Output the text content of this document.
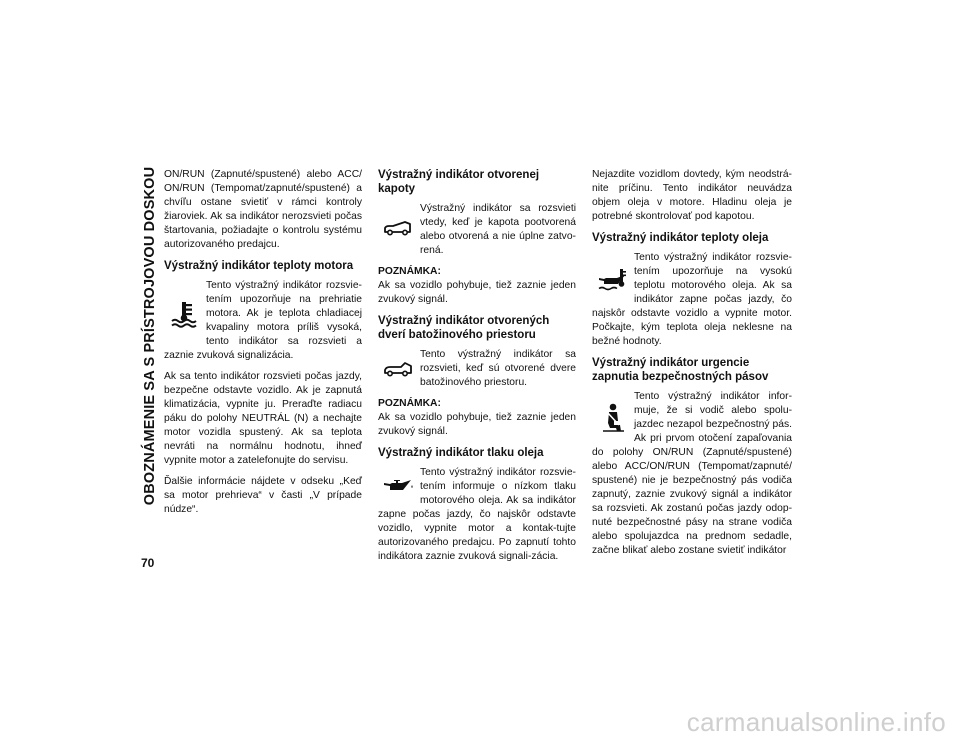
OBOZNÁMENIE SA S PRÍSTROJOVOU DOSKOU
70

ON/RUN (Zapnuté/spustené) alebo ACC/ ON/RUN (Tempomat/zapnuté/spustené) a chvíľu ostane svietiť v rámci kontroly žiaroviek. Ak sa indikátor nerozsvieti počas štartovania, požiadajte o kontrolu systému autorizovaného predajcu.

Výstražný indikátor teploty motora

Tento výstražný indikátor rozsvie-tením upozorňuje na prehriatie motora. Ak je teplota chladiacej kvapaliny motora príliš vysoká, tento indikátor sa rozsvieti a zaznie zvuková signalizácia.

Ak sa tento indikátor rozsvieti počas jazdy, bezpečne odstavte vozidlo. Ak je zapnutá klimatizácia, vypnite ju. Preraďte radiacu páku do polohy NEUTRÁL (N) a nechajte motor vozidla spustený. Ak sa teplota nevráti na normálnu hodnotu, ihneď vypnite motor a zatelefonujte do servisu.

Ďalšie informácie nájdete v odseku „Keď sa motor prehrieva“ v časti „V prípade núdze“.

Výstražný indikátor otvorenej kapoty

Výstražný indikátor sa rozsvieti vtedy, keď je kapota pootvorená alebo otvorená a nie úplne zatvo-rená.

POZNÁMKA:

Ak sa vozidlo pohybuje, tiež zaznie jeden zvukový signál.

Výstražný indikátor otvorených dverí batožinového priestoru

Tento výstražný indikátor sa rozsvieti, keď sú otvorené dvere batožinového priestoru.

POZNÁMKA:

Ak sa vozidlo pohybuje, tiež zaznie jeden zvukový signál.

Výstražný indikátor tlaku oleja

Tento výstražný indikátor rozsvie-tením informuje o nízkom tlaku motorového oleja. Ak sa indikátor zapne počas jazdy, čo najskôr odstavte vozidlo, vypnite motor a kontak-tujte autorizovaného predajcu. Po zapnutí tohto indikátora zaznie zvuková signali-zácia.

Nejazdite vozidlom dovtedy, kým neodstrá-nite príčinu. Tento indikátor neuvádza objem oleja v motore. Hladinu oleja je potrebné skontrolovať pod kapotou.

Výstražný indikátor teploty oleja

Tento výstražný indikátor rozsvie-tením upozorňuje na vysokú teplotu motorového oleja. Ak sa indikátor zapne počas jazdy, čo najskôr odstavte vozidlo a vypnite motor. Počkajte, kým teplota oleja neklesne na bežné hodnoty.

Výstražný indikátor urgencie zapnutia bezpečnostných pásov

Tento výstražný indikátor infor-muje, že si vodič alebo spolu-jazdec nezapol bezpečnostný pás. Ak pri prvom otočení zapaľovania do polohy ON/RUN (Zapnuté/spustené) alebo ACC/ON/RUN (Tempomat/zapnuté/ spustené) nie je bezpečnostný pás vodiča zapnutý, zaznie zvukový signál a indikátor sa rozsvieti. Ak zostanú počas jazdy odop-nuté bezpečnostné pásy na strane vodiča alebo spolujazdca na prednom sedadle, začne blikať alebo zostane svietiť indikátor

carmanualsonline.info
